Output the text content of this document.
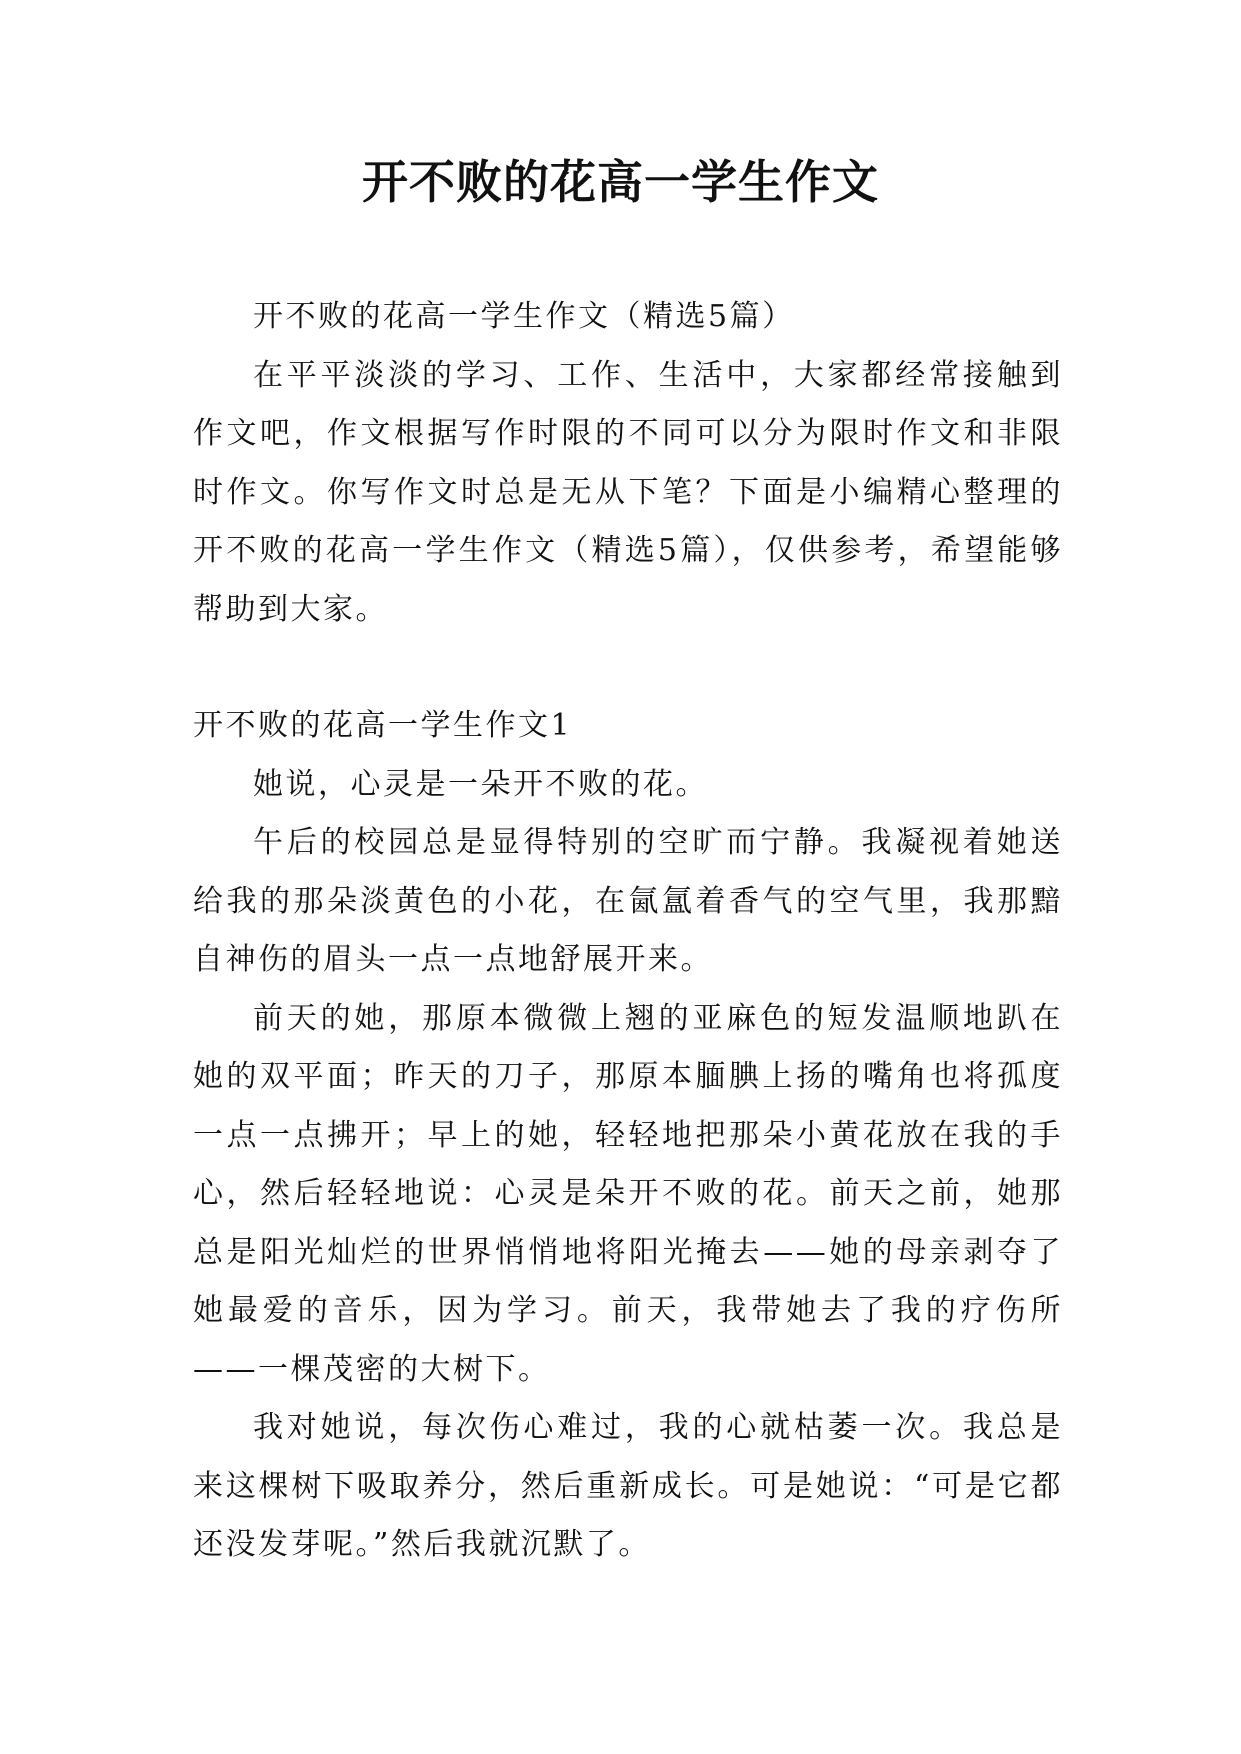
开不败的花高一学生作文

开不败的花高一学生作文（精选5篇）

在平平淡淡的学习、工作、生活中，大家都经常接触到作文吧，作文根据写作时限的不同可以分为限时作文和非限时作文。你写作文时总是无从下笔？下面是小编精心整理的开不败的花高一学生作文（精选5篇），仅供参考，希望能够帮助到大家。

开不败的花高一学生作文1

她说，心灵是一朵开不败的花。

午后的校园总是显得特别的空旷而宁静。我凝视着她送给我的那朵淡黄色的小花，在氤氲着香气的空气里，我那黯自神伤的眉头一点一点地舒展开来。

前天的她，那原本微微上翘的亚麻色的短发温顺地趴在她的双平面；昨天的刀子，那原本腼腆上扬的嘴角也将孤度一点一点拂开；早上的她，轻轻地把那朵小黄花放在我的手心，然后轻轻地说：心灵是朵开不败的花。前天之前，她那总是阳光灿烂的世界悄悄地将阳光掩去——她的母亲剥夺了她最爱的音乐，因为学习。前天，我带她去了我的疗伤所——一棵茂密的大树下。

我对她说，每次伤心难过，我的心就枯萎一次。我总是来这棵树下吸取养分，然后重新成长。可是她说：“可是它都还没发芽呢。”然后我就沉默了。
